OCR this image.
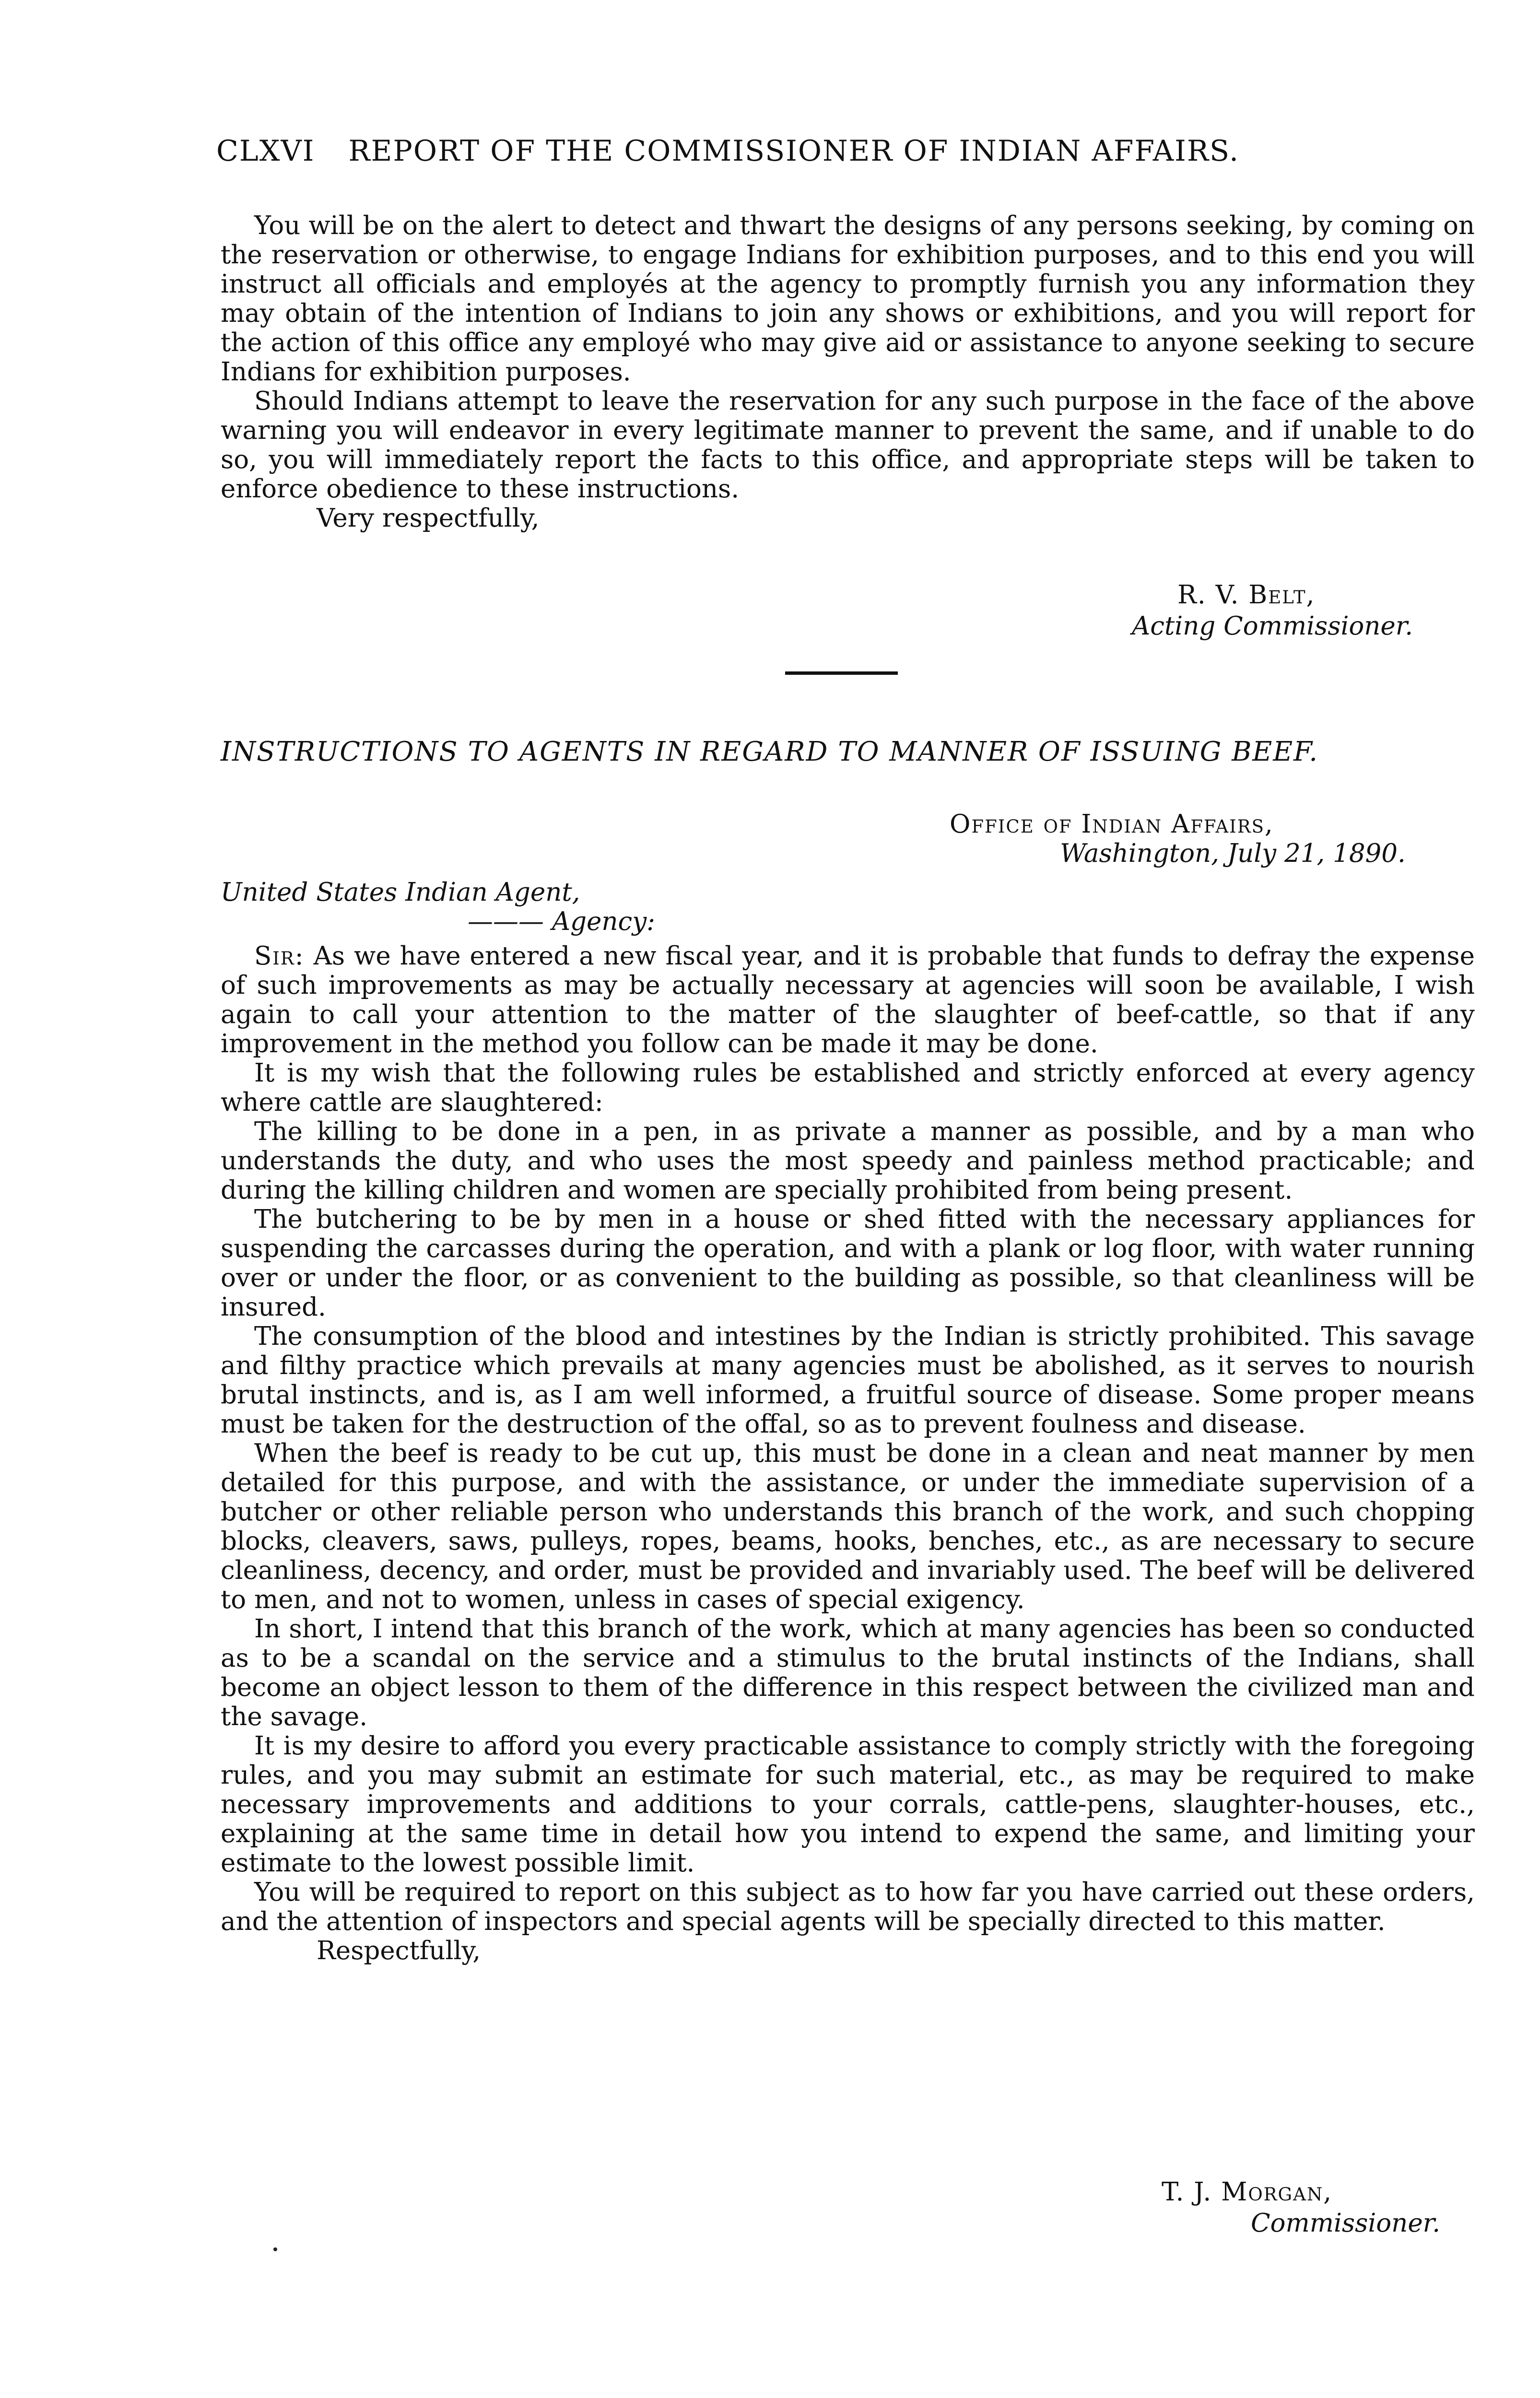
CLXVI REPORT OF THE COMMISSIONER OF INDIAN AFFAIRS.

You will be on the alert to detect and thwart the designs of any persons seeking, by coming on the reservation or otherwise, to engage Indians for exhibition purposes, and to this end you will instruct all officials and employés at the agency to promptly furnish you any information they may obtain of the intention of Indians to join any shows or exhibitions, and you will report for the action of this office any employé who may give aid or assistance to anyone seeking to secure Indians for exhibition purposes.

Should Indians attempt to leave the reservation for any such purpose in the face of the above warning you will endeavor in every legitimate manner to prevent the same, and if unable to do so, you will immediately report the facts to this office, and appropriate steps will be taken to enforce obedience to these instructions.

Very respectfully,

R. V. Belt,
Acting Commissioner.
INSTRUCTIONS TO AGENTS IN REGARD TO MANNER OF ISSUING BEEF.
Office of Indian Affairs,
Washington, July 21, 1890.
United States Indian Agent,
——— Agency:

Sir: As we have entered a new fiscal year, and it is probable that funds to defray the expense of such improvements as may be actually necessary at agencies will soon be available, I wish again to call your attention to the matter of the slaughter of beef-cattle, so that if any improvement in the method you follow can be made it may be done.

It is my wish that the following rules be established and strictly enforced at every agency where cattle are slaughtered:

The killing to be done in a pen, in as private a manner as possible, and by a man who understands the duty, and who uses the most speedy and painless method practicable; and during the killing children and women are specially prohibited from being present.

The butchering to be by men in a house or shed fitted with the necessary appliances for suspending the carcasses during the operation, and with a plank or log floor, with water running over or under the floor, or as convenient to the building as possible, so that cleanliness will be insured.

The consumption of the blood and intestines by the Indian is strictly prohibited. This savage and filthy practice which prevails at many agencies must be abolished, as it serves to nourish brutal instincts, and is, as I am well informed, a fruitful source of disease. Some proper means must be taken for the destruction of the offal, so as to prevent foulness and disease.

When the beef is ready to be cut up, this must be done in a clean and neat manner by men detailed for this purpose, and with the assistance, or under the immediate supervision of a butcher or other reliable person who understands this branch of the work, and such chopping blocks, cleavers, saws, pulleys, ropes, beams, hooks, benches, etc., as are necessary to secure cleanliness, decency, and order, must be provided and invariably used. The beef will be delivered to men, and not to women, unless in cases of special exigency.

In short, I intend that this branch of the work, which at many agencies has been so conducted as to be a scandal on the service and a stimulus to the brutal instincts of the Indians, shall become an object lesson to them of the difference in this respect between the civilized man and the savage.

It is my desire to afford you every practicable assistance to comply strictly with the foregoing rules, and you may submit an estimate for such material, etc., as may be required to make necessary improvements and additions to your corrals, cattle-pens, slaughter-houses, etc., explaining at the same time in detail how you intend to expend the same, and limiting your estimate to the lowest possible limit.

You will be required to report on this subject as to how far you have carried out these orders, and the attention of inspectors and special agents will be specially directed to this matter.

Respectfully,

T. J. Morgan,
Commissioner.
